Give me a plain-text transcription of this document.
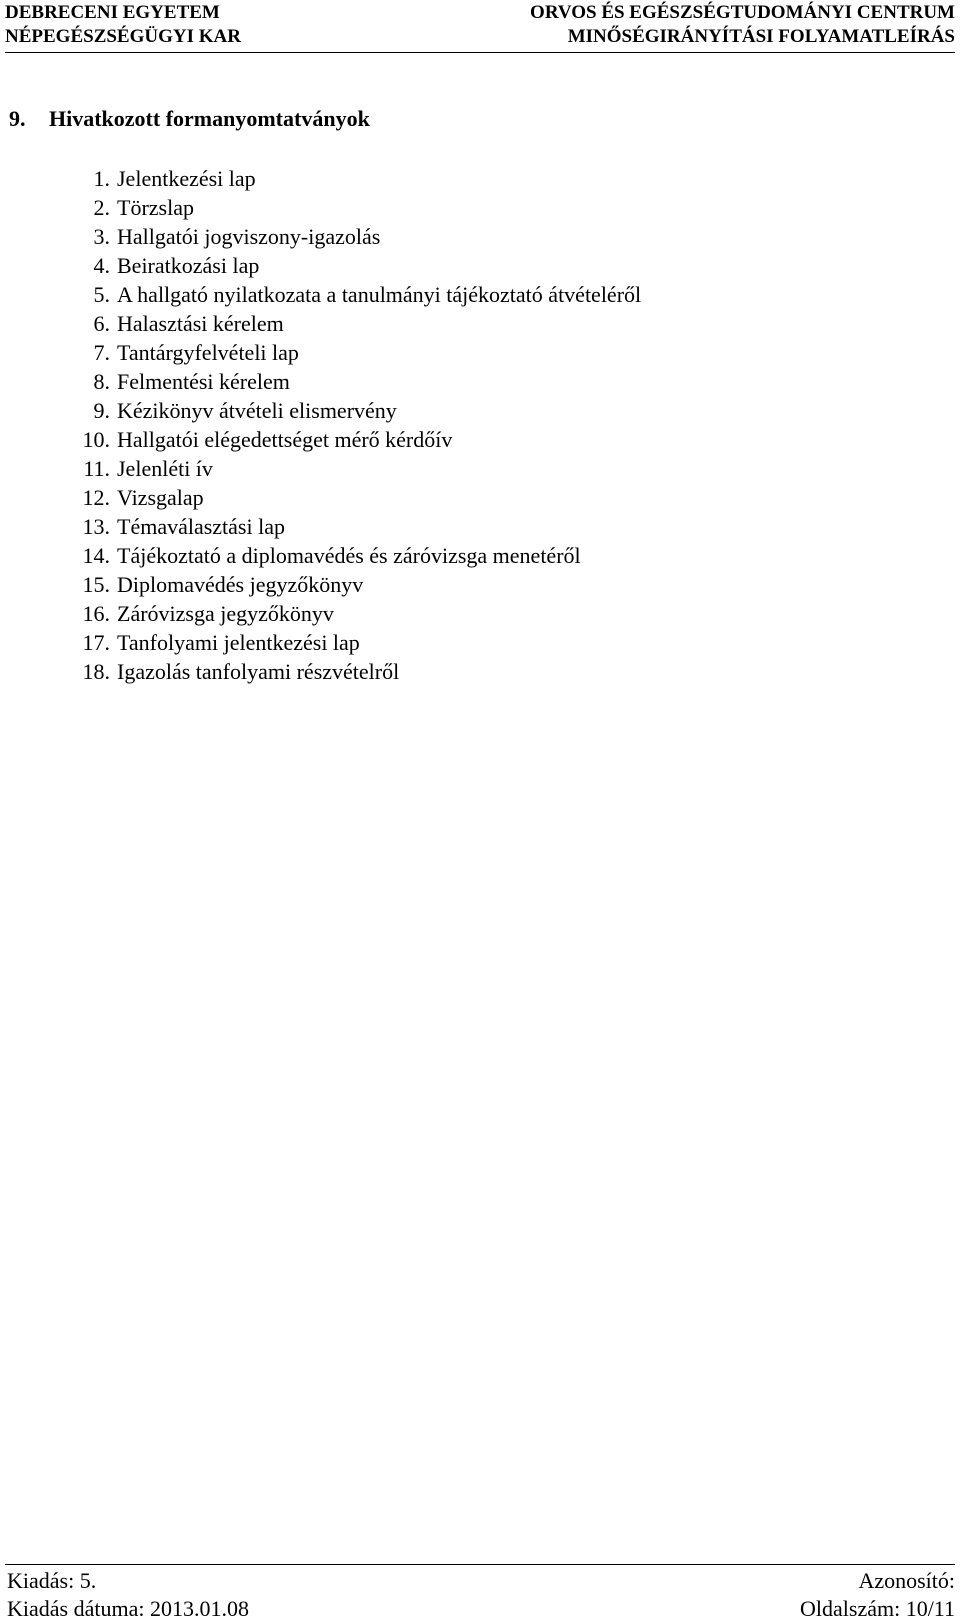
DEBRECENI EGYETEM
NÉPEGÉSZSÉGÜGYI KAR
ORVOS ÉS EGÉSZSÉGTUDOMÁNYI CENTRUM
MINŐSÉGIRÁNYÍTÁSI FOLYAMATLEÍRÁS
9. Hivatkozott formanyomtatványok
1. Jelentkezési lap
2. Törzslap
3. Hallgatói jogviszony-igazolás
4. Beiratkozási lap
5. A hallgató nyilatkozata a tanulmányi tájékoztató átvételéről
6. Halasztási kérelem
7. Tantárgyfelvételi lap
8. Felmentési kérelem
9. Kézikönyv átvételi elismervény
10. Hallgatói elégedettséget mérő kérdőív
11. Jelenléti ív
12. Vizsgalap
13. Témaválasztási lap
14. Tájékoztató a diplomavédés és záróvizsga menetéről
15. Diplomavédés jegyzőkönyv
16. Záróvizsga jegyzőkönyv
17. Tanfolyami jelentkezési lap
18. Igazolás tanfolyami részvételről
Kiadás: 5.	Azonosító:
Kiadás dátuma: 2013.01.08	Oldalszám: 10/11
